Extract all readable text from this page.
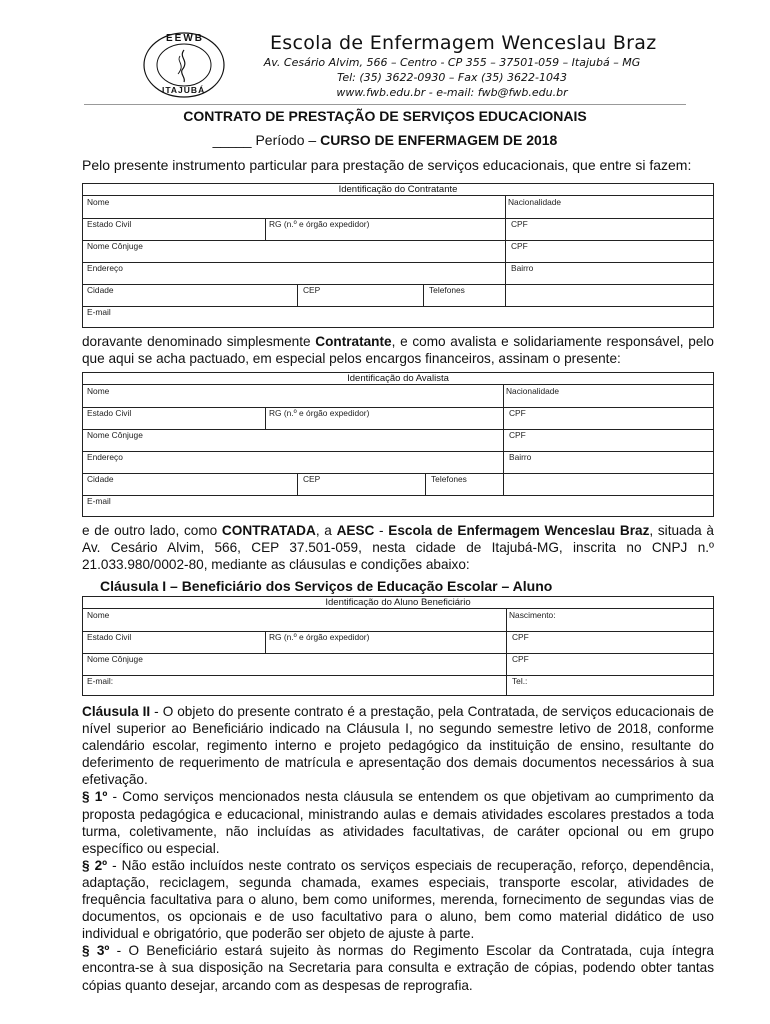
EEWB
ITAJUBÁ
Escola de Enfermagem Wenceslau Braz
Av. Cesário Alvim, 566 – Centro - CP 355 – 37501-059 – Itajubá – MG
Tel: (35) 3622-0930 – Fax (35) 3622-1043
www.fwb.edu.br - e-mail: fwb@fwb.edu.br
CONTRATO DE PRESTAÇÃO DE SERVIÇOS EDUCACIONAIS
_____ Período – CURSO DE ENFERMAGEM DE 2018
Pelo presente instrumento particular para prestação de serviços educacionais, que entre si fazem:
Identificação do Contratante
Nome	Nacionalidade
Estado Civil	RG (n.º e órgão expedidor)	CPF
Nome Cônjuge	CPF
Endereço	Bairro
Cidade	CEP	Telefones
E-mail
doravante denominado simplesmente Contratante, e como avalista e solidariamente responsável, pelo que aqui se acha pactuado, em especial pelos encargos financeiros, assinam o presente:
Identificação do Avalista
Nome	Nacionalidade
Estado Civil	RG (n.º e órgão expedidor)	CPF
Nome Cônjuge	CPF
Endereço	Bairro
Cidade	CEP	Telefones
E-mail
e de outro lado, como CONTRATADA, a AESC - Escola de Enfermagem Wenceslau Braz, situada à Av. Cesário Alvim, 566, CEP 37.501-059, nesta cidade de Itajubá-MG, inscrita no CNPJ n.º 21.033.980/0002-80, mediante as cláusulas e condições abaixo:
Cláusula I – Beneficiário dos Serviços de Educação Escolar – Aluno
Identificação do Aluno Beneficiário
Nome	Nascimento:
Estado Civil	RG (n.º e órgão expedidor)	CPF
Nome Cônjuge	CPF
E-mail:	Tel.:

Cláusula II - O objeto do presente contrato é a prestação, pela Contratada, de serviços educacionais de nível superior ao Beneficiário indicado na Cláusula I, no segundo semestre letivo de 2018, conforme calendário escolar, regimento interno e projeto pedagógico da instituição de ensino, resultante do deferimento de requerimento de matrícula e apresentação dos demais documentos necessários à sua efetivação.

§ 1º - Como serviços mencionados nesta cláusula se entendem os que objetivam ao cumprimento da proposta pedagógica e educacional, ministrando aulas e demais atividades escolares prestados a toda turma, coletivamente, não incluídas as atividades facultativas, de caráter opcional ou em grupo específico ou especial.

§ 2º - Não estão incluídos neste contrato os serviços especiais de recuperação, reforço, dependência, adaptação, reciclagem, segunda chamada, exames especiais, transporte escolar, atividades de frequência facultativa para o aluno, bem como uniformes, merenda, fornecimento de segundas vias de documentos, os opcionais e de uso facultativo para o aluno, bem como material didático de uso individual e obrigatório, que poderão ser objeto de ajuste à parte.

§ 3º - O Beneficiário estará sujeito às normas do Regimento Escolar da Contratada, cuja íntegra encontra-se à sua disposição na Secretaria para consulta e extração de cópias, podendo obter tantas cópias quanto desejar, arcando com as despesas de reprografia.
